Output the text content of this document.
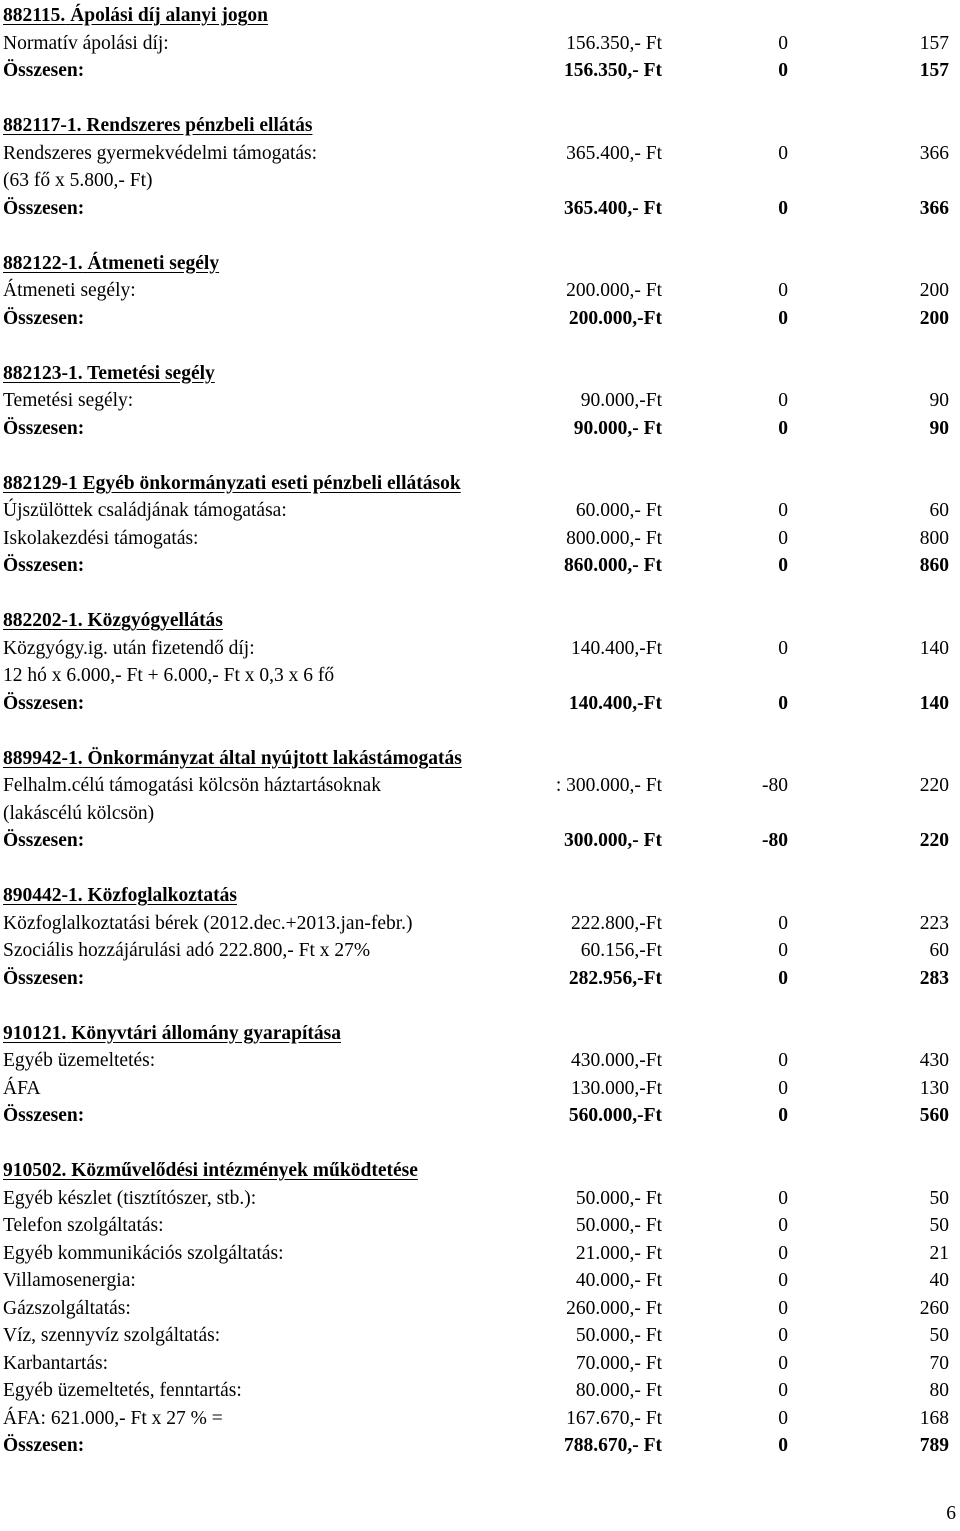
882115. Ápolási díj alanyi jogon
Normatív ápolási díj:	156.350,- Ft	0	157
Összesen:	156.350,- Ft	0	157
882117-1. Rendszeres pénzbeli ellátás
Rendszeres gyermekvédelmi támogatás:	365.400,- Ft	0	366
(63 fő x 5.800,- Ft)
Összesen:	365.400,- Ft	0	366
882122-1. Átmeneti segély
Átmeneti segély:	200.000,- Ft	0	200
Összesen:	200.000,-Ft	0	200
882123-1. Temetési segély
Temetési segély:	90.000,-Ft	0	90
Összesen:	90.000,- Ft	0	90
882129-1 Egyéb önkormányzati eseti pénzbeli ellátások
Újszülöttek családjának támogatása:	60.000,- Ft	0	60
Iskolakezdési támogatás:	800.000,- Ft	0	800
Összesen:	860.000,- Ft	0	860
882202-1. Közgyógyellátás
Közgyógy.ig. után fizetendő díj:	140.400,-Ft	0	140
12 hó x 6.000,- Ft + 6.000,- Ft x 0,3 x 6 fő
Összesen:	140.400,-Ft	0	140
889942-1. Önkormányzat által nyújtott lakástámogatás
Felhalm.célú támogatási kölcsön háztartásoknak	: 300.000,- Ft	-80	220
(lakáscélú kölcsön)
Összesen:	300.000,- Ft	-80	220
890442-1. Közfoglalkoztatás
Közfoglalkoztatási bérek (2012.dec.+2013.jan-febr.)	222.800,-Ft	0	223
Szociális hozzájárulási adó 222.800,- Ft x 27%	60.156,-Ft	0	60
Összesen:	282.956,-Ft	0	283
910121. Könyvtári állomány gyarapítása
Egyéb üzemeltetés:	430.000,-Ft	0	430
ÁFA	130.000,-Ft	0	130
Összesen:	560.000,-Ft	0	560
910502. Közművelődési intézmények működtetése
Egyéb készlet (tisztítószer, stb.):	50.000,- Ft	0	50
Telefon szolgáltatás:	50.000,- Ft	0	50
Egyéb kommunikációs szolgáltatás:	21.000,- Ft	0	21
Villamosenergia:	40.000,- Ft	0	40
Gázszolgáltatás:	260.000,- Ft	0	260
Víz, szennyvíz szolgáltatás:	50.000,- Ft	0	50
Karbantartás:	70.000,- Ft	0	70
Egyéb üzemeltetés, fenntartás:	80.000,- Ft	0	80
ÁFA: 621.000,- Ft x 27 % =	167.670,- Ft	0	168
Összesen:	788.670,- Ft	0	789
6
